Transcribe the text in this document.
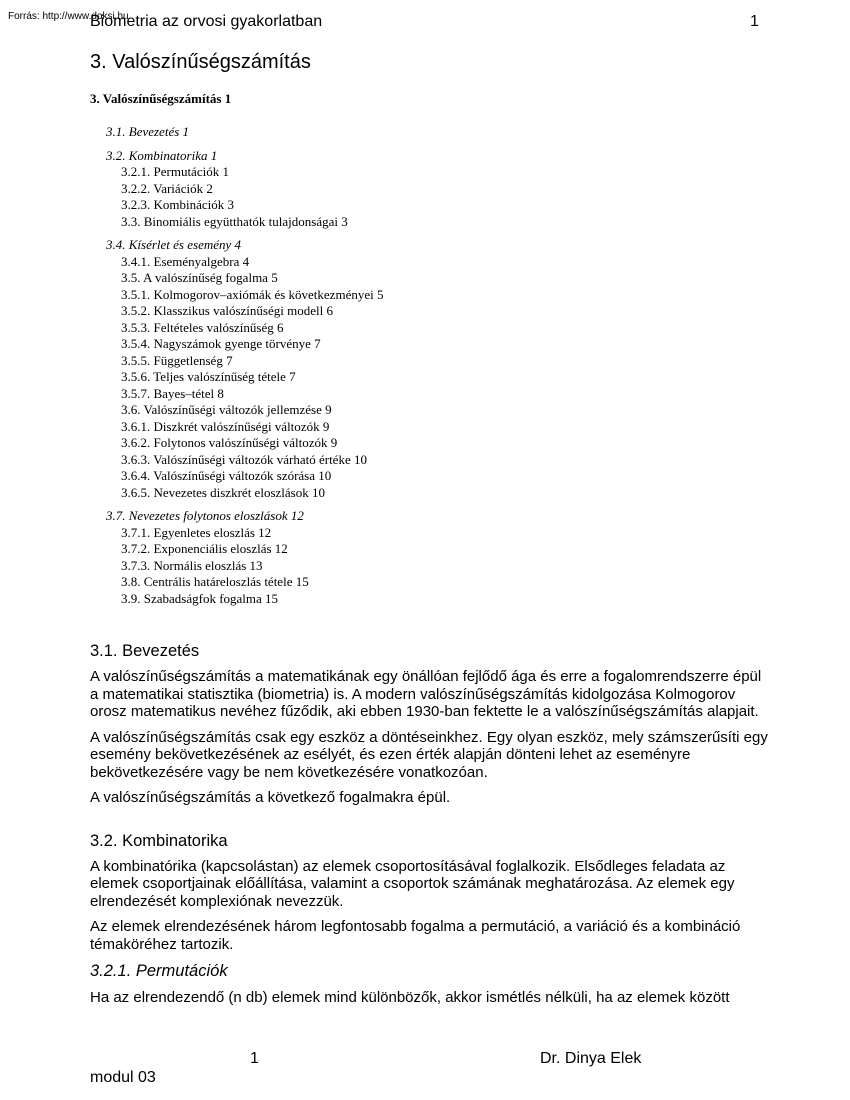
Forrás: http://www.doksi.hu
Biometria az orvosi gyakorlatban	1
3. Valószínűségszámítás
3. Valószínűségszámítás 1
3.1. Bevezetés 1
3.2. Kombinatorika 1
3.2.1. Permutációk 1
3.2.2. Variációk 2
3.2.3. Kombinációk 3
3.3. Binomiális együtthatók tulajdonságai 3
3.4. Kísérlet és esemény 4
3.4.1. Eseményalgebra 4
3.5. A valószínűség fogalma 5
3.5.1. Kolmogorov–axiómák és következményei 5
3.5.2. Klasszikus valószínűségi modell 6
3.5.3. Feltételes valószínűség 6
3.5.4. Nagyszámok gyenge törvénye 7
3.5.5. Függetlenség 7
3.5.6. Teljes valószínűség tétele 7
3.5.7. Bayes–tétel 8
3.6. Valószínűségi változók jellemzése 9
3.6.1. Diszkrét valószínűségi változók 9
3.6.2. Folytonos valószínűségi változók 9
3.6.3. Valószínűségi változók várható értéke 10
3.6.4. Valószínűségi változók szórása 10
3.6.5. Nevezetes diszkrét eloszlások 10
3.7. Nevezetes folytonos eloszlások 12
3.7.1. Egyenletes eloszlás 12
3.7.2. Exponenciális eloszlás 12
3.7.3. Normális eloszlás 13
3.8. Centrális határeloszlás tétele 15
3.9. Szabadságfok fogalma 15
3.1. Bevezetés
A valószínűségszámítás a matematikának egy önállóan fejlődő ága és erre a fogalomrendszerre épül a matematikai statisztika (biometria) is. A modern valószínűségszámítás kidolgozása Kolmogorov orosz matematikus nevéhez fűződik, aki ebben 1930-ban fektette le a valószínűségszámítás alapjait.
A valószínűségszámítás csak egy eszköz a döntéseinkhez. Egy olyan eszköz, mely számszerűsíti egy esemény bekövetkezésének az esélyét, és ezen érték alapján dönteni lehet az eseményre bekövetkezésére vagy be nem következésére vonatkozóan.
A valószínűségszámítás a következő fogalmakra épül.
3.2. Kombinatorika
A kombinatórika (kapcsolástan) az elemek csoportosításával foglalkozik. Elsődleges feladata az elemek csoportjainak előállítása, valamint a csoportok számának meghatározása. Az elemek egy elrendezését komplexiónak nevezzük.
Az elemek elrendezésének három legfontosabb fogalma a permutáció, a variáció és a kombináció témaköréhez tartozik.
3.2.1. Permutációk
Ha az elrendezendő (n db) elemek mind különbözők, akkor ismétlés nélküli, ha az elemek között
1	Dr. Dinya Elek
modul 03
